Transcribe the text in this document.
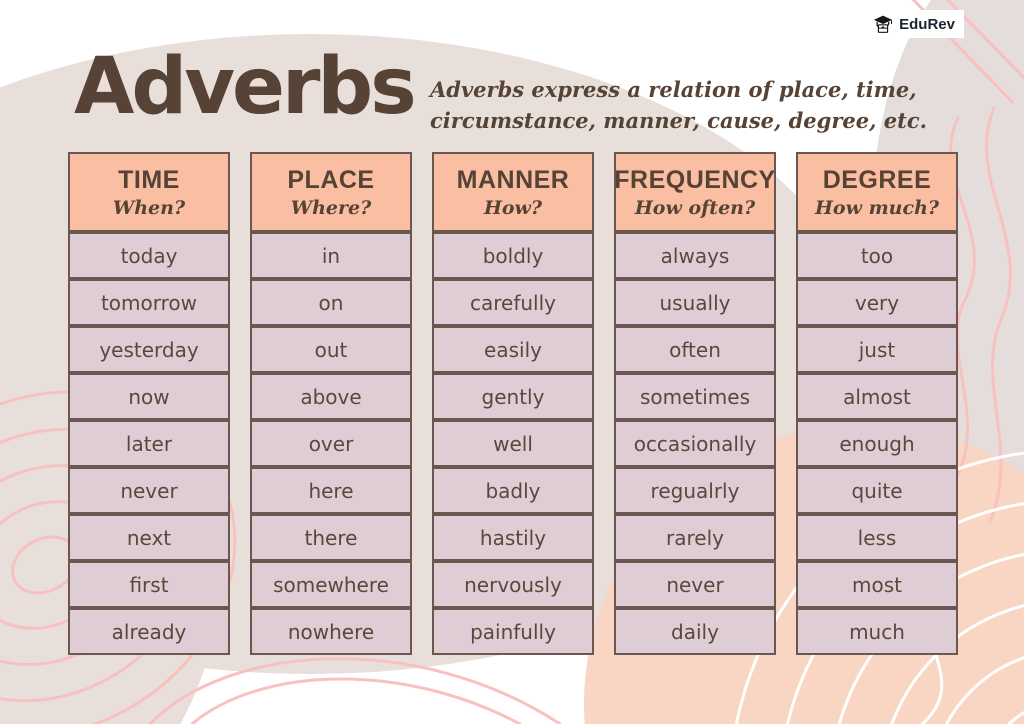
EduRev
Adverbs Adverbs express a relation of place, time,
circumstance, manner, cause, degree, etc.
TIME
When?
today
tomorrow
yesterday
now
later
never
next
first
already
PLACE
Where?
in
on
out
above
over
here
there
somewhere
nowhere
MANNER
How?
boldly
carefully
easily
gently
well
badly
hastily
nervously
painfully
FREQUENCY
How often?
always
usually
often
sometimes
occasionally
regualrly
rarely
never
daily
DEGREE
How much?
too
very
just
almost
enough
quite
less
most
much
